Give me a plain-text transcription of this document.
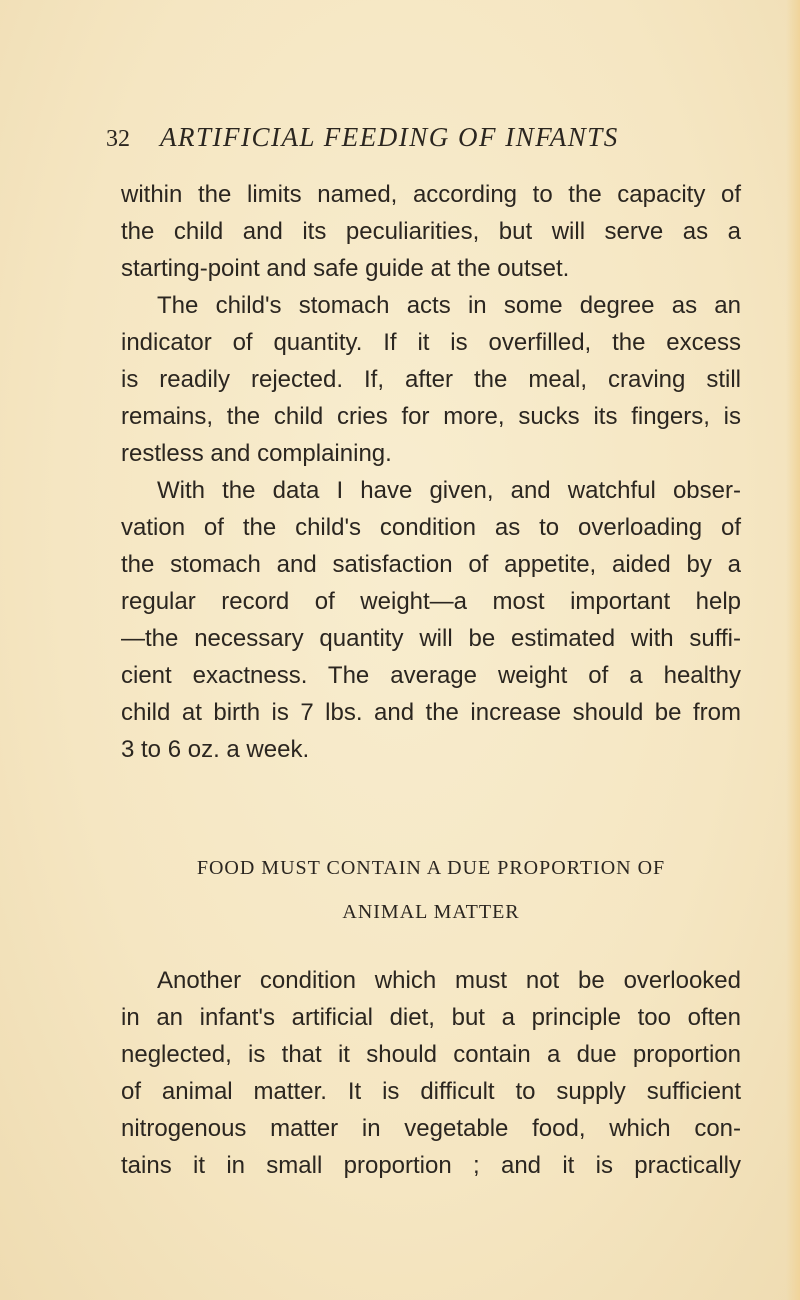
32 ARTIFICIAL FEEDING OF INFANTS
within the limits named, according to the capacity of
the child and its peculiarities, but will serve as a
starting-point and safe guide at the outset.
The child's stomach acts in some degree as an
indicator of quantity. If it is overfilled, the excess
is readily rejected. If, after the meal, craving still
remains, the child cries for more, sucks its fingers, is
restless and complaining.
With the data I have given, and watchful obser-
vation of the child's condition as to overloading of
the stomach and satisfaction of appetite, aided by a
regular record of weight—a most important help
—the necessary quantity will be estimated with suffi-
cient exactness. The average weight of a healthy
child at birth is 7 lbs. and the increase should be from
3 to 6 oz. a week.
FOOD MUST CONTAIN A DUE PROPORTION OF
ANIMAL MATTER
Another condition which must not be overlooked
in an infant's artificial diet, but a principle too often
neglected, is that it should contain a due proportion
of animal matter. It is difficult to supply sufficient
nitrogenous matter in vegetable food, which con-
tains it in small proportion ; and it is practically
